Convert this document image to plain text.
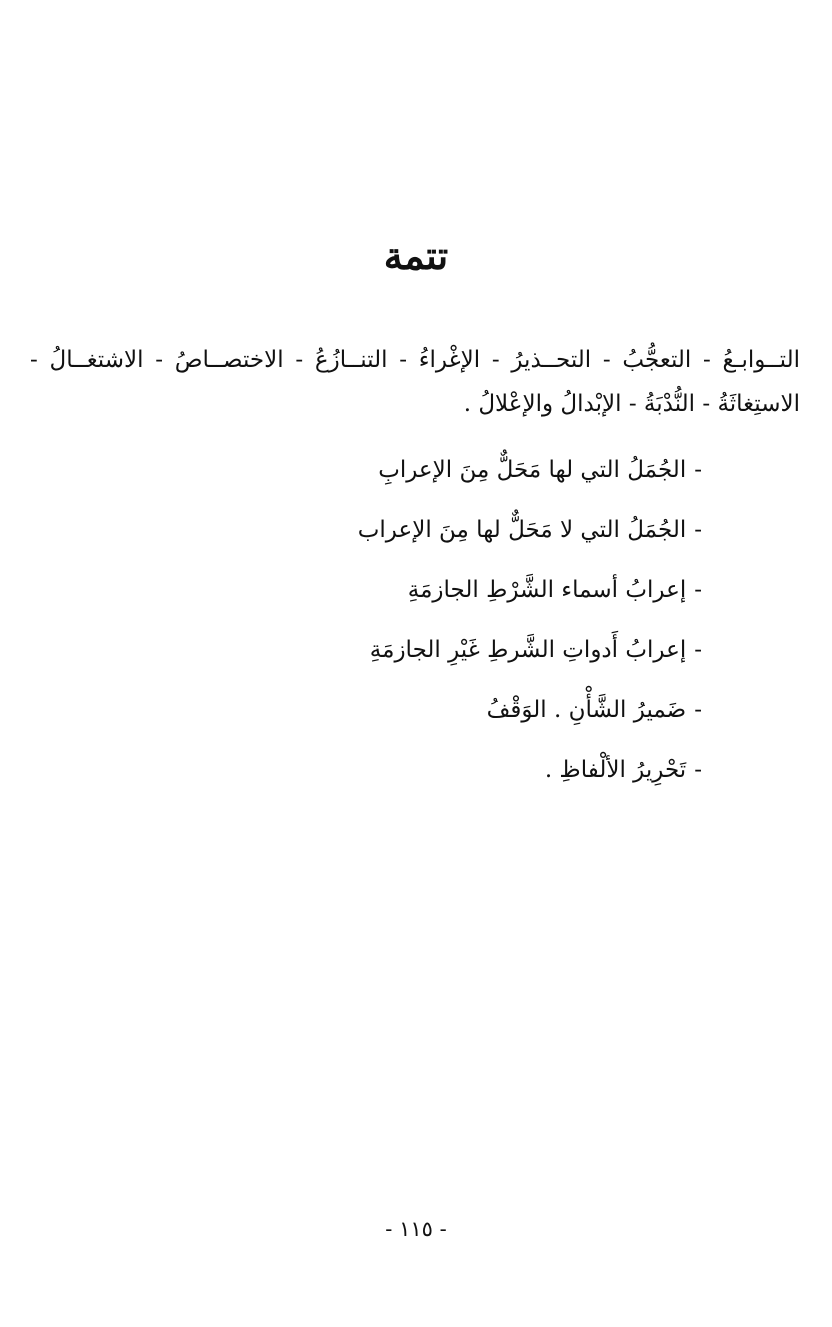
تتمة

التــوابـعُ - التعجُّبُ - التحــذيرُ - الإغْراءُ - التنــازُعُ - الاختصــاصُ - الاشتغــالُ - الاستِغاثَةُ - النُّدْبَةُ - الإبْدالُ والإعْلالُ .

-الجُمَلُ التي لها مَحَلٌّ مِنَ الإعرابِ
-الجُمَلُ التي لا مَحَلٌّ لها مِنَ الإعراب
-إعرابُ أسماء الشَّرْطِ الجازمَةِ
-إعرابُ أَدواتِ الشَّرطِ غَيْرِ الجازمَةِ
-ضَميرُ الشَّأْنِ . الوَقْفُ
-تَحْرِيرُ الألْفاظِ .
- ١١٥ -
